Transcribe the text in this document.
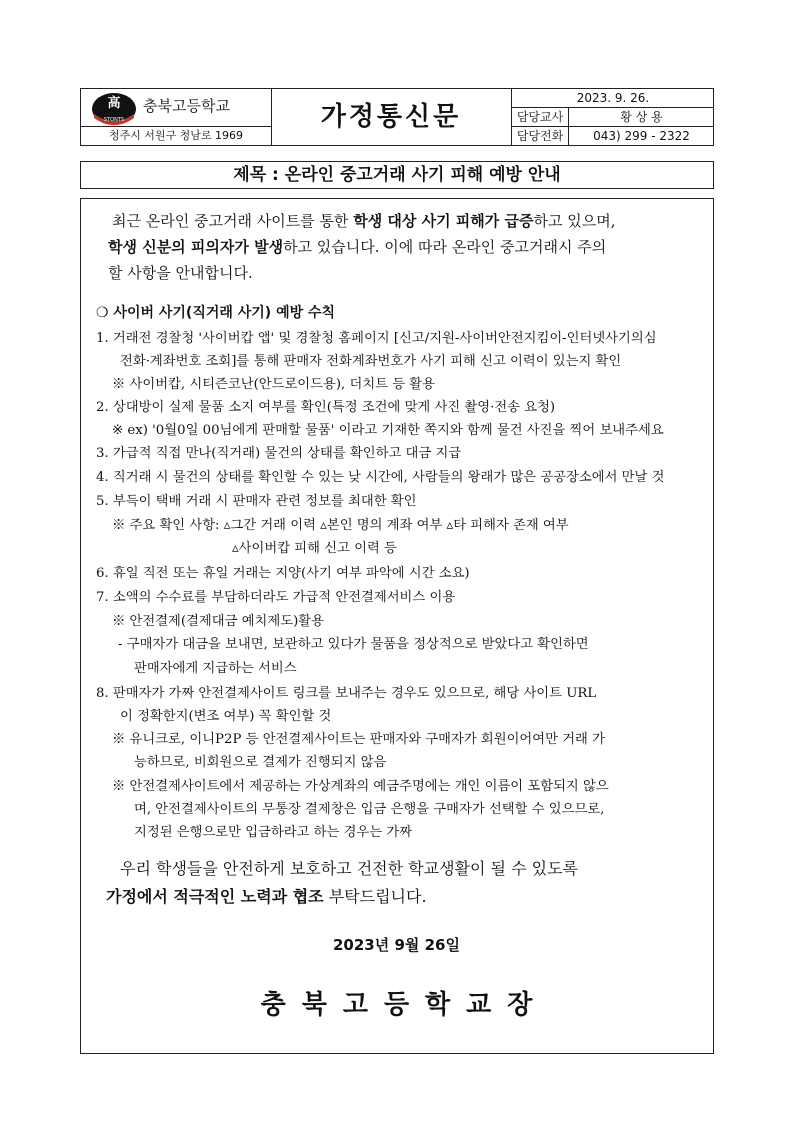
高
STONTS
충북고등학교
청주시 서원구 청남로 1969
가정통신문
2023. 9. 26.
담당교사	황 상 용
담당전화	043) 299 - 2322
제목 : 온라인 중고거래 사기 피해 예방 안내
최근 온라인 중고거래 사이트를 통한 학생 대상 사기 피해가 급증하고 있으며,
학생 신분의 피의자가 발생하고 있습니다. 이에 따라 온라인 중고거래시 주의
할 사항을 안내합니다.
❍ 사이버 사기(직거래 사기) 예방 수칙
1. 거래전 경찰청 '사이버캅 앱' 및 경찰청 홈페이지 [신고/지원-사이버안전지킴이-인터넷사기의심
전화·계좌번호 조회]를 통해 판매자 전화계좌번호가 사기 피해 신고 이력이 있는지 확인
※ 사이버캅, 시티즌코난(안드로이드용), 더치트 등 활용
2. 상대방이 실제 물품 소지 여부를 확인(특정 조건에 맞게 사진 촬영·전송 요청)
※ ex) '0월0일 00님에게 판매할 물품' 이라고 기재한 쪽지와 함께 물건 사진을 찍어 보내주세요
3. 가급적 직접 만나(직거래) 물건의 상태를 확인하고 대금 지급
4. 직거래 시 물건의 상태를 확인할 수 있는 낮 시간에, 사람들의 왕래가 많은 공공장소에서 만날 것
5. 부득이 택배 거래 시 판매자 관련 정보를 최대한 확인
※ 주요 확인 사항: ▵그간 거래 이력 ▵본인 명의 계좌 여부 ▵타 피해자 존재 여부
▵사이버캅 피해 신고 이력 등
6. 휴일 직전 또는 휴일 거래는 지양(사기 여부 파악에 시간 소요)
7. 소액의 수수료를 부담하더라도 가급적 안전결제서비스 이용
※ 안전결제(결제대금 예치제도)활용
- 구매자가 대금을 보내면, 보관하고 있다가 물품을 정상적으로 받았다고 확인하면
판매자에게 지급하는 서비스
8. 판매자가 가짜 안전결제사이트 링크를 보내주는 경우도 있으므로, 해당 사이트 URL
이 정확한지(변조 여부) 꼭 확인할 것
※ 유니크로, 이니P2P 등 안전결제사이트는 판매자와 구매자가 회원이어여만 거래 가
능하므로, 비회원으로 결제가 진행되지 않음
※ 안전결제사이트에서 제공하는 가상계좌의 예금주명에는 개인 이름이 포함되지 않으
며, 안전결제사이트의 무통장 결제창은 입금 은행을 구매자가 선택할 수 있으므로,
지정된 은행으로만 입금하라고 하는 경우는 가짜
우리 학생들을 안전하게 보호하고 건전한 학교생활이 될 수 있도록
가정에서 적극적인 노력과 협조 부탁드립니다.
2023년 9월 26일
충북고등학교장
